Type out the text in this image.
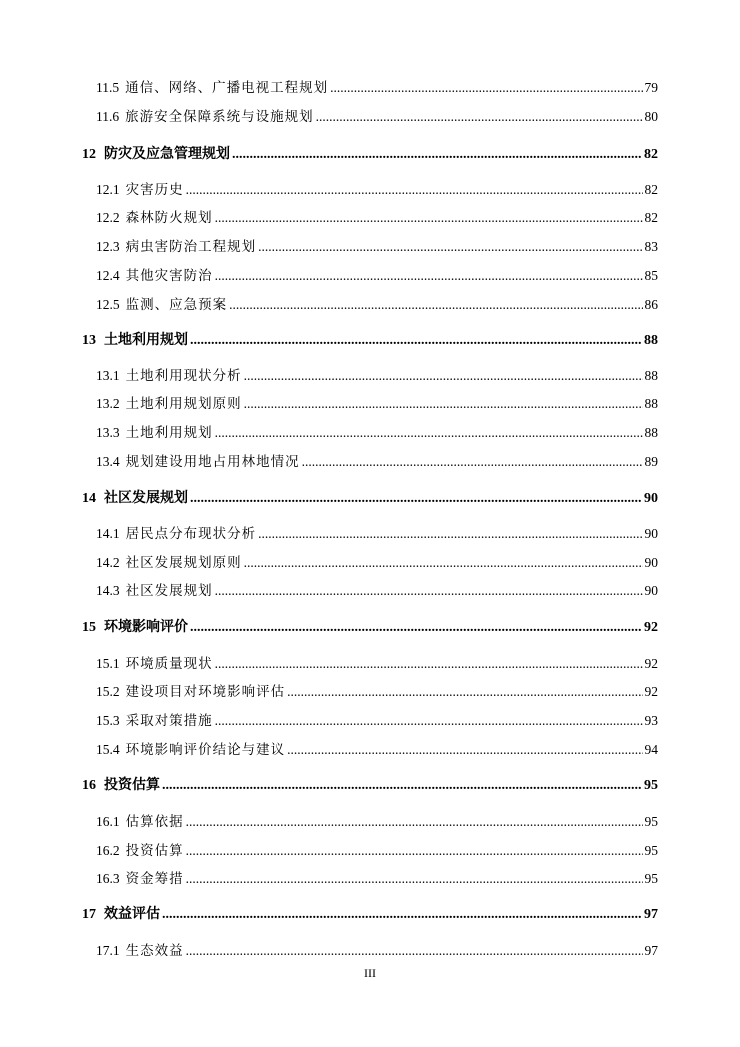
11.5 通信、网络、广播电视工程规划 .....	79
11.6 旅游安全保障系统与设施规划 .....	80
12 防灾及应急管理规划 .....	82
12.1 灾害历史 .....	82
12.2 森林防火规划 .....	82
12.3 病虫害防治工程规划 .....	83
12.4 其他灾害防治 .....	85
12.5 监测、应急预案 .....	86
13 土地利用规划 .....	88
13.1 土地利用现状分析 .....	88
13.2 土地利用规划原则 .....	88
13.3 土地利用规划 .....	88
13.4 规划建设用地占用林地情况 .....	89
14 社区发展规划 .....	90
14.1 居民点分布现状分析 .....	90
14.2 社区发展规划原则 .....	90
14.3 社区发展规划 .....	90
15 环境影响评价 .....	92
15.1 环境质量现状 .....	92
15.2 建设项目对环境影响评估 .....	92
15.3 采取对策措施 .....	93
15.4 环境影响评价结论与建议 .....	94
16 投资估算 .....	95
16.1 估算依据 .....	95
16.2 投资估算 .....	95
16.3 资金筹措 .....	95
17 效益评估 .....	97
17.1 生态效益 .....	97
III
